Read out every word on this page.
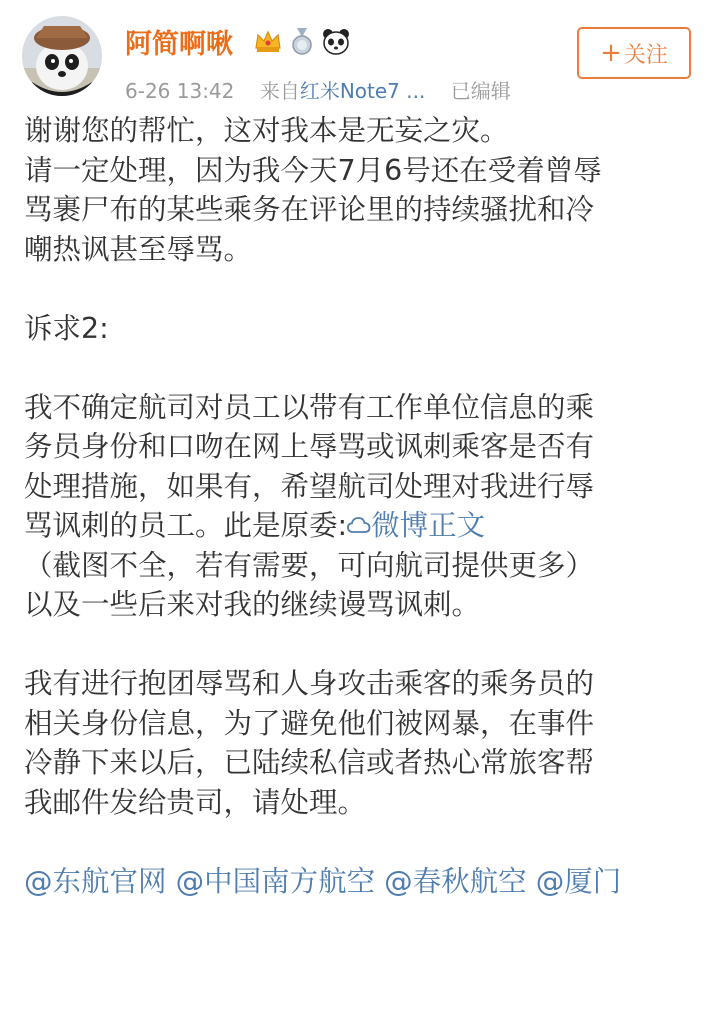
阿简啊啾
6-26 13:42 来自红米Note7 ... 已编辑
+ 关注

谢谢您的帮忙，这对我本是无妄之灾。

请一定处理，因为我今天7月6号还在受着曾辱

骂裹尸布的某些乘务在评论里的持续骚扰和冷

嘲热讽甚至辱骂。

诉求2:

我不确定航司对员工以带有工作单位信息的乘

务员身份和口吻在网上辱骂或讽刺乘客是否有

处理措施，如果有，希望航司处理对我进行辱

骂讽刺的员工。此是原委: 微博正文

（截图不全，若有需要，可向航司提供更多）

以及一些后来对我的继续谩骂讽刺。

我有进行抱团辱骂和人身攻击乘客的乘务员的

相关身份信息，为了避免他们被网暴，在事件

冷静下来以后，已陆续私信或者热心常旅客帮

我邮件发给贵司，请处理。

@东航官网 @中国南方航空 @春秋航空 @厦门
